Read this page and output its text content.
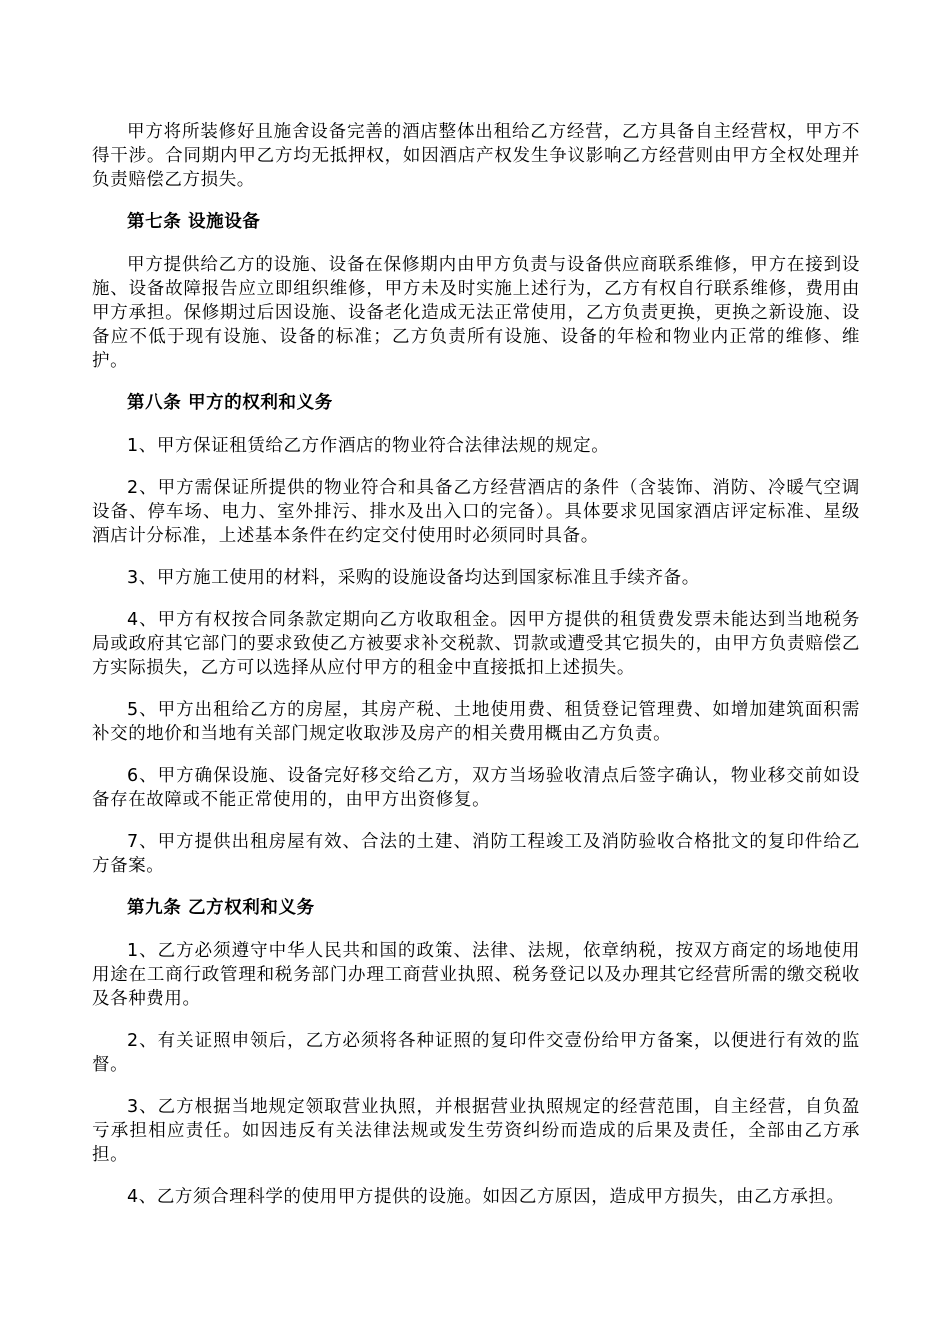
甲方将所装修好且施舍设备完善的酒店整体出租给乙方经营，乙方具备自主经营权，甲方不得干涉。合同期内甲乙方均无抵押权，如因酒店产权发生争议影响乙方经营则由甲方全权处理并负责赔偿乙方损失。

第七条 设施设备

甲方提供给乙方的设施、设备在保修期内由甲方负责与设备供应商联系维修，甲方在接到设施、设备故障报告应立即组织维修，甲方未及时实施上述行为，乙方有权自行联系维修，费用由甲方承担。保修期过后因设施、设备老化造成无法正常使用，乙方负责更换，更换之新设施、设备应不低于现有设施、设备的标准；乙方负责所有设施、设备的年检和物业内正常的维修、维护。

第八条 甲方的权利和义务

1、甲方保证租赁给乙方作酒店的物业符合法律法规的规定。

2、甲方需保证所提供的物业符合和具备乙方经营酒店的条件（含装饰、消防、冷暖气空调设备、停车场、电力、室外排污、排水及出入口的完备）。具体要求见国家酒店评定标准、星级酒店计分标准，上述基本条件在约定交付使用时必须同时具备。

3、甲方施工使用的材料，采购的设施设备均达到国家标准且手续齐备。

4、甲方有权按合同条款定期向乙方收取租金。因甲方提供的租赁费发票未能达到当地税务局或政府其它部门的要求致使乙方被要求补交税款、罚款或遭受其它损失的，由甲方负责赔偿乙方实际损失，乙方可以选择从应付甲方的租金中直接抵扣上述损失。

5、甲方出租给乙方的房屋，其房产税、土地使用费、租赁登记管理费、如增加建筑面积需补交的地价和当地有关部门规定收取涉及房产的相关费用概由乙方负责。

6、甲方确保设施、设备完好移交给乙方，双方当场验收清点后签字确认，物业移交前如设备存在故障或不能正常使用的，由甲方出资修复。

7、甲方提供出租房屋有效、合法的土建、消防工程竣工及消防验收合格批文的复印件给乙方备案。

第九条 乙方权利和义务

1、乙方必须遵守中华人民共和国的政策、法律、法规，依章纳税，按双方商定的场地使用用途在工商行政管理和税务部门办理工商营业执照、税务登记以及办理其它经营所需的缴交税收及各种费用。

2、有关证照申领后，乙方必须将各种证照的复印件交壹份给甲方备案，以便进行有效的监督。

3、乙方根据当地规定领取营业执照，并根据营业执照规定的经营范围，自主经营，自负盈亏承担相应责任。如因违反有关法律法规或发生劳资纠纷而造成的后果及责任，全部由乙方承担。

4、乙方须合理科学的使用甲方提供的设施。如因乙方原因，造成甲方损失，由乙方承担。
